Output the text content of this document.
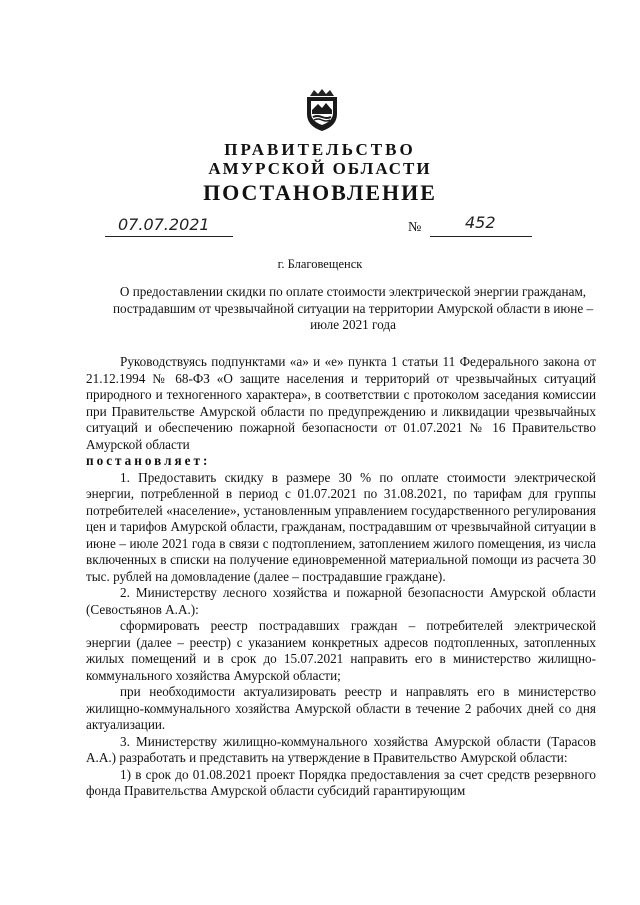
ПРАВИТЕЛЬСТВО
АМУРСКОЙ ОБЛАСТИ
ПОСТАНОВЛЕНИЕ
07.07.2021	№	452
г. Благовещенск
О предоставлении скидки по оплате стоимости электрической энергии гражданам, пострадавшим от чрезвычайной ситуации на территории Амурской области в июне – июле 2021 года

Руководствуясь подпунктами «а» и «е» пункта 1 статьи 11 Федерального закона от 21.12.1994 № 68-ФЗ «О защите населения и территорий от чрезвычайных ситуаций природного и техногенного характера», в соответствии с протоколом заседания комиссии при Правительстве Амурской области по предупреждению и ликвидации чрезвычайных ситуаций и обеспечению пожарной безопасности от 01.07.2021 № 16 Правительство Амурской области

постановляет:

1. Предоставить скидку в размере 30 % по оплате стоимости электрической энергии, потребленной в период с 01.07.2021 по 31.08.2021, по тарифам для группы потребителей «население», установленным управлением государственного регулирования цен и тарифов Амурской области, гражданам, пострадавшим от чрезвычайной ситуации в июне – июле 2021 года в связи с подтоплением, затоплением жилого помещения, из числа включенных в списки на получение единовременной материальной помощи из расчета 30 тыс. рублей на домовладение (далее – пострадавшие граждане).

2. Министерству лесного хозяйства и пожарной безопасности Амурской области (Севостьянов А.А.):

сформировать реестр пострадавших граждан – потребителей электрической энергии (далее – реестр) с указанием конкретных адресов подтопленных, затопленных жилых помещений и в срок до 15.07.2021 направить его в министерство жилищно-коммунального хозяйства Амурской области;

при необходимости актуализировать реестр и направлять его в министерство жилищно-коммунального хозяйства Амурской области в течение 2 рабочих дней со дня актуализации.

3. Министерству жилищно-коммунального хозяйства Амурской области (Тарасов А.А.) разработать и представить на утверждение в Правительство Амурской области:

1) в срок до 01.08.2021 проект Порядка предоставления за счет средств резервного фонда Правительства Амурской области субсидий гарантирующим
